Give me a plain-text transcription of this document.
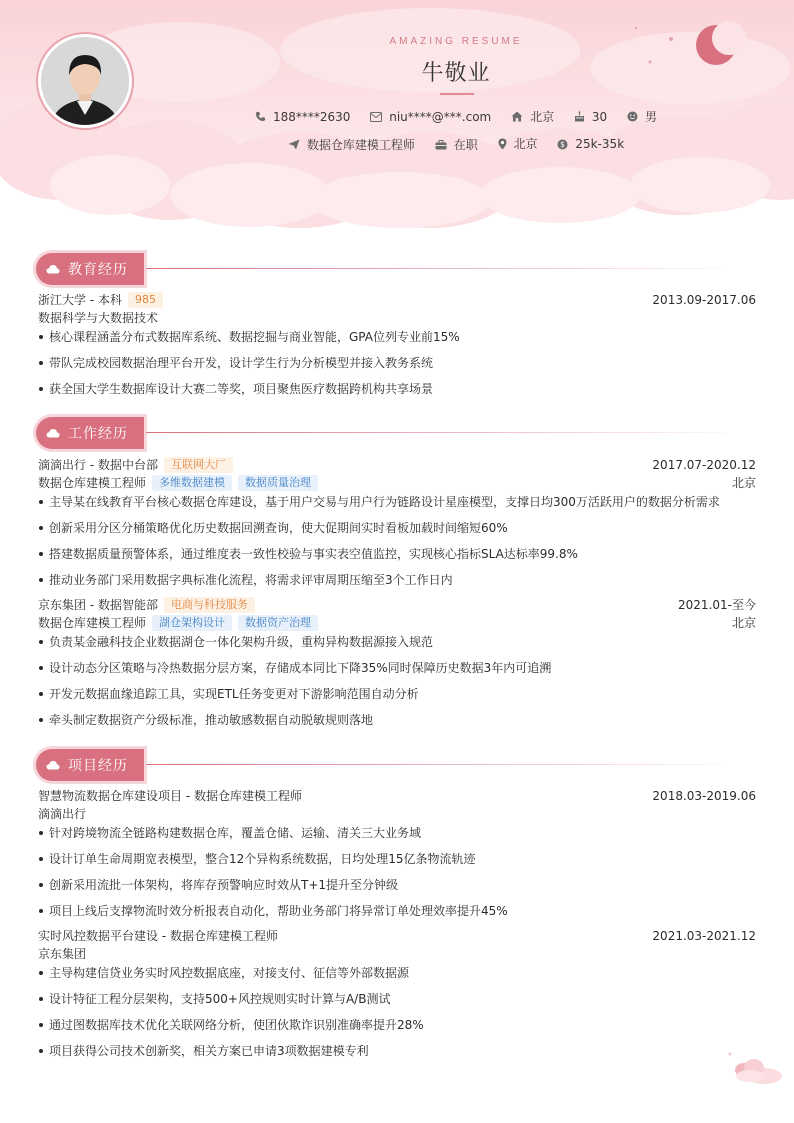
AMAZING RESUME
牛敬业
188****2630
	niu****@***.com
	北京
	30
	男
数据仓库建模工程师
	在职
	北京
	$ 25k-35k
教育经历
浙江大学 - 本科	985	2013.09-2017.06
数据科学与大数据技术
核心课程涵盖分布式数据库系统、数据挖掘与商业智能，GPA位列专业前15%
带队完成校园数据治理平台开发，设计学生行为分析模型并接入教务系统
获全国大学生数据库设计大赛二等奖，项目聚焦医疗数据跨机构共享场景
工作经历
滴滴出行 - 数据中台部	互联网大厂	2017.07-2020.12
数据仓库建模工程师	多维数据建模	数据质量治理	北京
主导某在线教育平台核心数据仓库建设，基于用户交易与用户行为链路设计星座模型，支撑日均300万活跃用户的数据分析需求
创新采用分区分桶策略优化历史数据回溯查询，使大促期间实时看板加载时间缩短60%
搭建数据质量预警体系，通过维度表一致性校验与事实表空值监控，实现核心指标SLA达标率99.8%
推动业务部门采用数据字典标准化流程，将需求评审周期压缩至3个工作日内
京东集团 - 数据智能部	电商与科技服务	2021.01-至今
数据仓库建模工程师	湖仓架构设计	数据资产治理	北京
负责某金融科技企业数据湖仓一体化架构升级，重构异构数据源接入规范
设计动态分区策略与冷热数据分层方案，存储成本同比下降35%同时保障历史数据3年内可追溯
开发元数据血缘追踪工具，实现ETL任务变更对下游影响范围自动分析
牵头制定数据资产分级标准，推动敏感数据自动脱敏规则落地
项目经历
智慧物流数据仓库建设项目 - 数据仓库建模工程师	2018.03-2019.06
滴滴出行
针对跨境物流全链路构建数据仓库，覆盖仓储、运输、清关三大业务域
设计订单生命周期宽表模型，整合12个异构系统数据，日均处理15亿条物流轨迹
创新采用流批一体架构，将库存预警响应时效从T+1提升至分钟级
项目上线后支撑物流时效分析报表自动化，帮助业务部门将异常订单处理效率提升45%
实时风控数据平台建设 - 数据仓库建模工程师	2021.03-2021.12
京东集团
主导构建信贷业务实时风控数据底座，对接支付、征信等外部数据源
设计特征工程分层架构，支持500+风控规则实时计算与A/B测试
通过图数据库技术优化关联网络分析，使团伙欺诈识别准确率提升28%
项目获得公司技术创新奖，相关方案已申请3项数据建模专利
